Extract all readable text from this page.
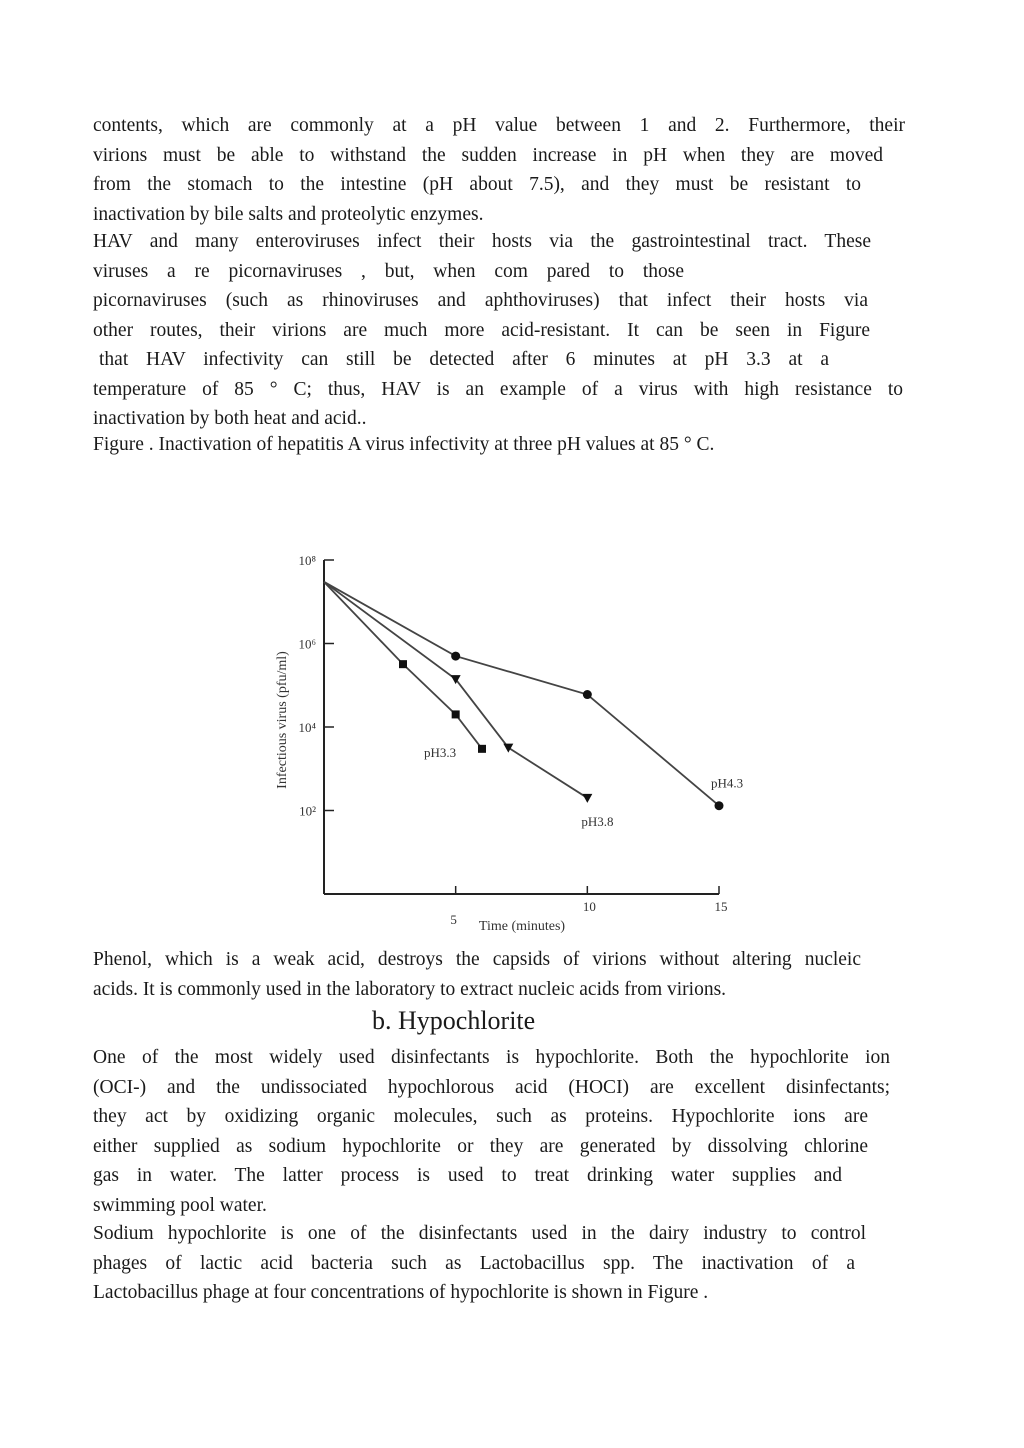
contents, which are commonly at a pH value between 1 and 2. Furthermore, their
virions must be able to withstand the sudden increase in pH when they are moved
from the stomach to the intestine (pH about 7.5), and they must be resistant to
inactivation by bile salts and proteolytic enzymes.
HAV and many enteroviruses infect their hosts via the gastrointestinal tract. These
viruses a re picornaviruses , but, when com pared to those
picornaviruses (such as rhinoviruses and aphthoviruses) that infect their hosts via
other routes, their virions are much more acid-resistant. It can be seen in Figure
that HAV infectivity can still be detected after 6 minutes at pH 3.3 at a
temperature of 85 ° C; thus, HAV is an example of a virus with high resistance to
inactivation by both heat and acid..

Figure . Inactivation of hepatitis A virus infectivity at three pH values at 85 ° C.

10²
10⁴
10⁶
10⁸
5
10	15
pH3.3
pH3.8
pH4.3
Infectious virus (pfu/ml)
Time (minutes)
Phenol, which is a weak acid, destroys the capsids of virions without altering nucleic
acids. It is commonly used in the laboratory to extract nucleic acids from virions.
b. Hypochlorite
One of the most widely used disinfectants is hypochlorite. Both the hypochlorite ion
(OCI-) and the undissociated hypochlorous acid (HOCI) are excellent disinfectants;
they act by oxidizing organic molecules, such as proteins. Hypochlorite ions are
either supplied as sodium hypochlorite or they are generated by dissolving chlorine
gas in water. The latter process is used to treat drinking water supplies and
swimming pool water.
Sodium hypochlorite is one of the disinfectants used in the dairy industry to control
phages of lactic acid bacteria such as Lactobacillus spp. The inactivation of a
Lactobacillus phage at four concentrations of hypochlorite is shown in Figure .
